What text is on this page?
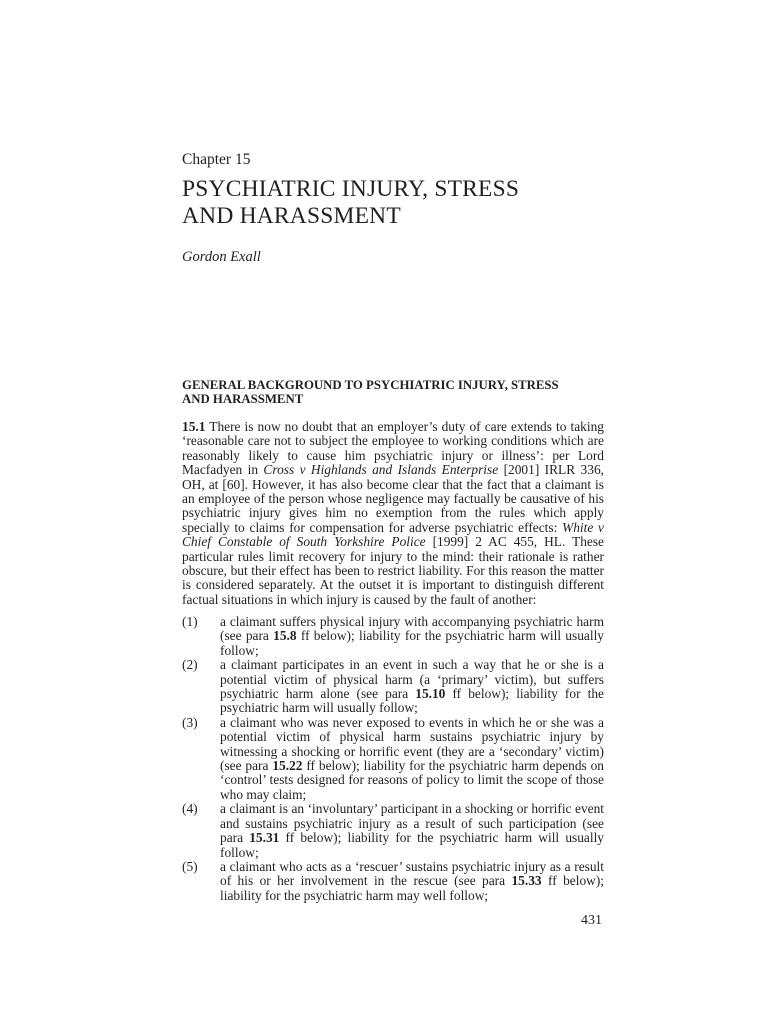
Chapter 15
PSYCHIATRIC INJURY, STRESS
AND HARASSMENT
Gordon Exall
GENERAL BACKGROUND TO PSYCHIATRIC INJURY, STRESS
AND HARASSMENT

15.1 There is now no doubt that an employer’s duty of care extends to taking ‘reasonable care not to subject the employee to working conditions which are reasonably likely to cause him psychiatric injury or illness’: per Lord Macfadyen in Cross v Highlands and Islands Enterprise [2001] IRLR 336, OH, at [60]. However, it has also become clear that the fact that a claimant is an employee of the person whose negligence may factually be causative of his psychiatric injury gives him no exemption from the rules which apply specially to claims for compensation for adverse psychiatric effects: White v Chief Constable of South Yorkshire Police [1999] 2 AC 455, HL. These particular rules limit recovery for injury to the mind: their rationale is rather obscure, but their effect has been to restrict liability. For this reason the matter is considered separately. At the outset it is important to distinguish different factual situations in which injury is caused by the fault of another:

(1) a claimant suffers physical injury with accompanying psychiatric harm (see para 15.8 ff below); liability for the psychiatric harm will usually follow;
(2) a claimant participates in an event in such a way that he or she is a potential victim of physical harm (a ‘primary’ victim), but suffers psychiatric harm alone (see para 15.10 ff below); liability for the psychiatric harm will usually follow;
(3) a claimant who was never exposed to events in which he or she was a potential victim of physical harm sustains psychiatric injury by witnessing a shocking or horrific event (they are a ‘secondary’ victim) (see para 15.22 ff below); liability for the psychiatric harm depends on ‘control’ tests designed for reasons of policy to limit the scope of those who may claim;
(4) a claimant is an ‘involuntary’ participant in a shocking or horrific event and sustains psychiatric injury as a result of such participation (see para 15.31 ff below); liability for the psychiatric harm will usually follow;
(5) a claimant who acts as a ‘rescuer’ sustains psychiatric injury as a result of his or her involvement in the rescue (see para 15.33 ff below); liability for the psychiatric harm may well follow;
431
